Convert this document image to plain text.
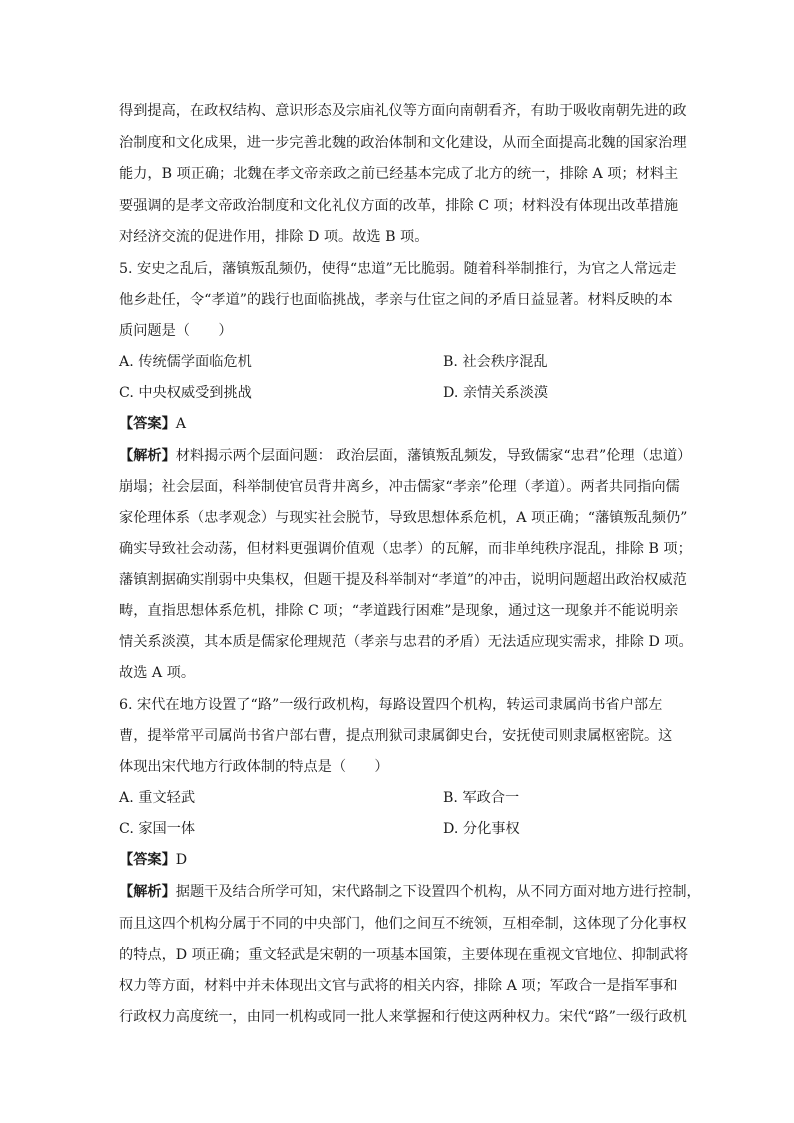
得到提高，在政权结构、意识形态及宗庙礼仪等方面向南朝看齐，有助于吸收南朝先进的政
治制度和文化成果，进一步完善北魏的政治体制和文化建设，从而全面提高北魏的国家治理
能力，B 项正确；北魏在孝文帝亲政之前已经基本完成了北方的统一，排除 A 项；材料主
要强调的是孝文帝政治制度和文化礼仪方面的改革，排除 C 项；材料没有体现出改革措施
对经济交流的促进作用，排除 D 项。故选 B 项。
5. 安史之乱后，藩镇叛乱频仍，使得“忠道”无比脆弱。随着科举制推行，为官之人常远走
他乡赴任，令“孝道”的践行也面临挑战，孝亲与仕宦之间的矛盾日益显著。材料反映的本
质问题是（　　）
A. 传统儒学面临危机	B. 社会秩序混乱
C. 中央权威受到挑战	D. 亲情关系淡漠
【答案】A
【解析】材料揭示两个层面问题： 政治层面，藩镇叛乱频发，导致儒家“忠君”伦理（忠道）
崩塌；社会层面，科举制使官员背井离乡，冲击儒家“孝亲”伦理（孝道）。两者共同指向儒
家伦理体系（忠孝观念）与现实社会脱节，导致思想体系危机，A 项正确；“藩镇叛乱频仍”
确实导致社会动荡，但材料更强调价值观（忠孝）的瓦解，而非单纯秩序混乱，排除 B 项；
藩镇割据确实削弱中央集权，但题干提及科举制对“孝道”的冲击，说明问题超出政治权威范
畴，直指思想体系危机，排除 C 项；“孝道践行困难”是现象，通过这一现象并不能说明亲
情关系淡漠，其本质是儒家伦理规范（孝亲与忠君的矛盾）无法适应现实需求，排除 D 项。
故选 A 项。
6. 宋代在地方设置了“路”一级行政机构，每路设置四个机构，转运司隶属尚书省户部左
曹，提举常平司属尚书省户部右曹，提点刑狱司隶属御史台，安抚使司则隶属枢密院。这
体现出宋代地方行政体制的特点是（　　）
A. 重文轻武	B. 军政合一
C. 家国一体	D. 分化事权
【答案】D
【解析】据题干及结合所学可知，宋代路制之下设置四个机构，从不同方面对地方进行控制，
而且这四个机构分属于不同的中央部门，他们之间互不统领，互相牵制，这体现了分化事权
的特点，D 项正确；重文轻武是宋朝的一项基本国策，主要体现在重视文官地位、抑制武将
权力等方面，材料中并未体现出文官与武将的相关内容，排除 A 项；军政合一是指军事和
行政权力高度统一，由同一机构或同一批人来掌握和行使这两种权力。宋代“路”一级行政机
